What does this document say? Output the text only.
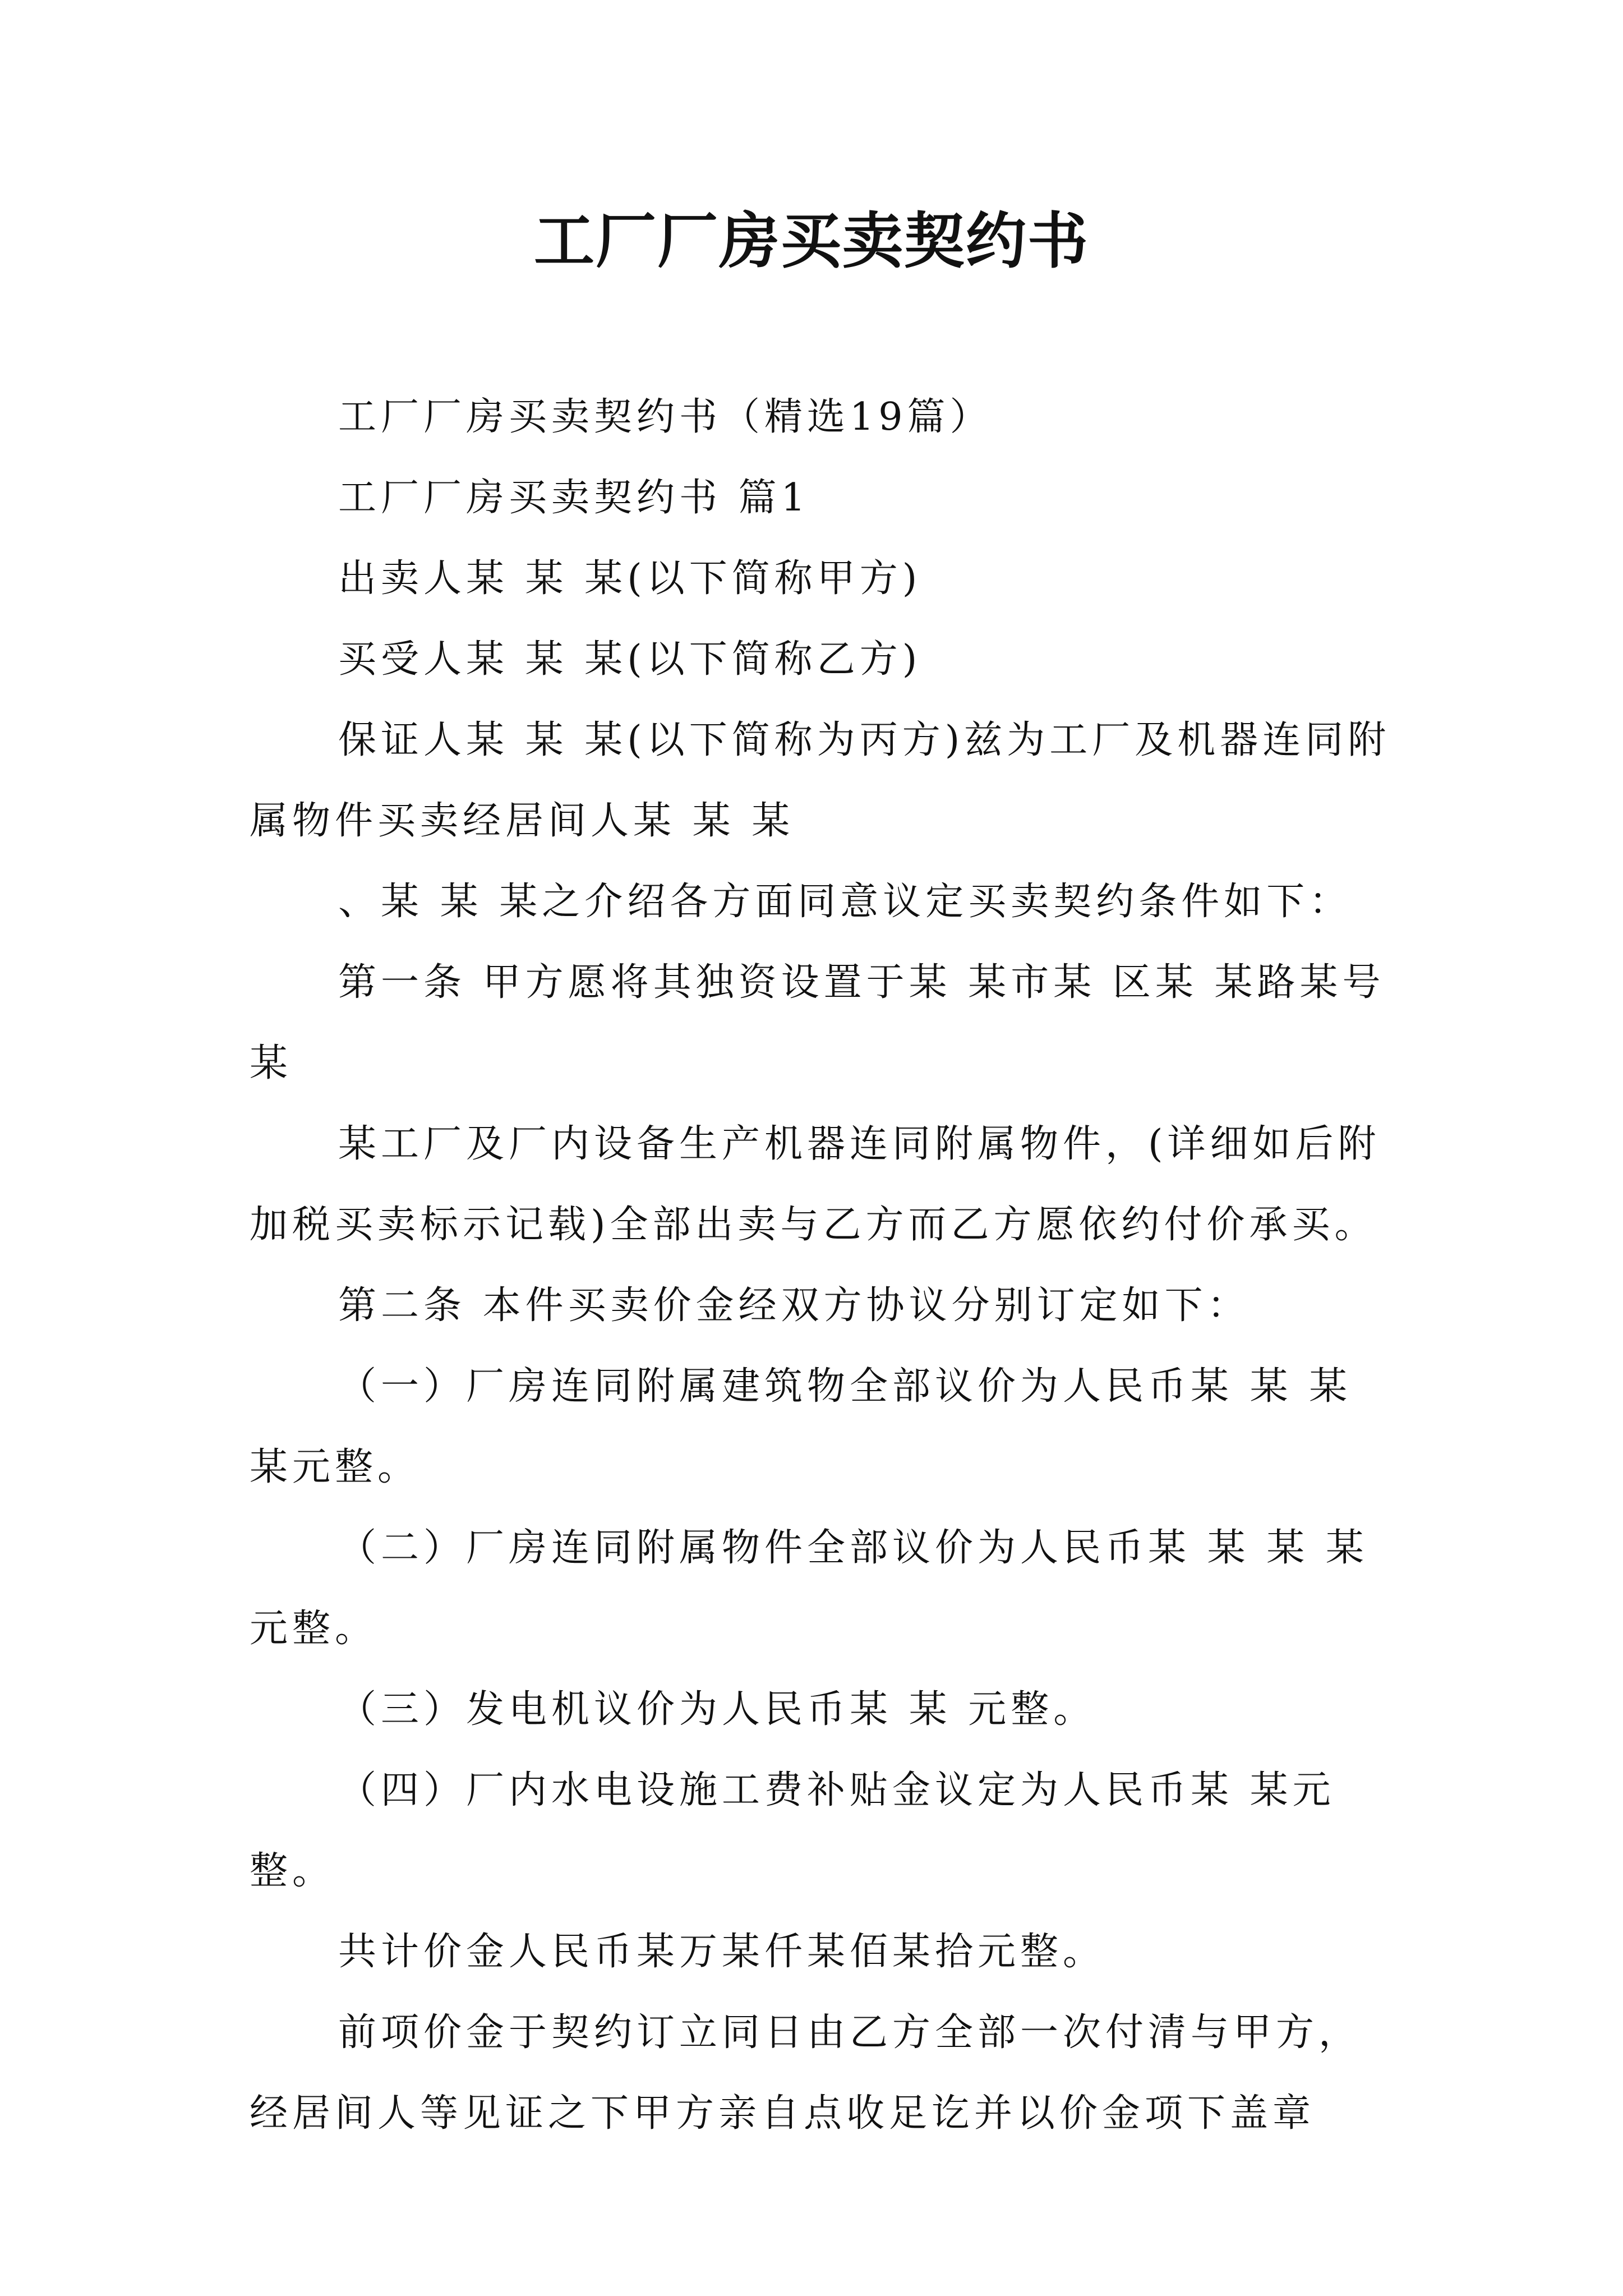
工厂厂房买卖契约书

工厂厂房买卖契约书（精选19篇）

工厂厂房买卖契约书 篇1

出卖人某 某 某(以下简称甲方)

买受人某 某 某(以下简称乙方)

保证人某 某 某(以下简称为丙方)兹为工厂及机器连同附属物件买卖经居间人某 某 某

、某 某 某之介绍各方面同意议定买卖契约条件如下：

第一条 甲方愿将其独资设置于某 某市某 区某 某路某号某

某工厂及厂内设备生产机器连同附属物件，(详细如后附加税买卖标示记载)全部出卖与乙方而乙方愿依约付价承买。

第二条 本件买卖价金经双方协议分别订定如下：

（一）厂房连同附属建筑物全部议价为人民币某 某 某某元整。

（二）厂房连同附属物件全部议价为人民币某 某 某 某元整。

（三）发电机议价为人民币某 某 元整。

（四）厂内水电设施工费补贴金议定为人民币某 某元整。

共计价金人民币某万某仟某佰某拾元整。

前项价金于契约订立同日由乙方全部一次付清与甲方，经居间人等见证之下甲方亲自点收足讫并以价金项下盖章
